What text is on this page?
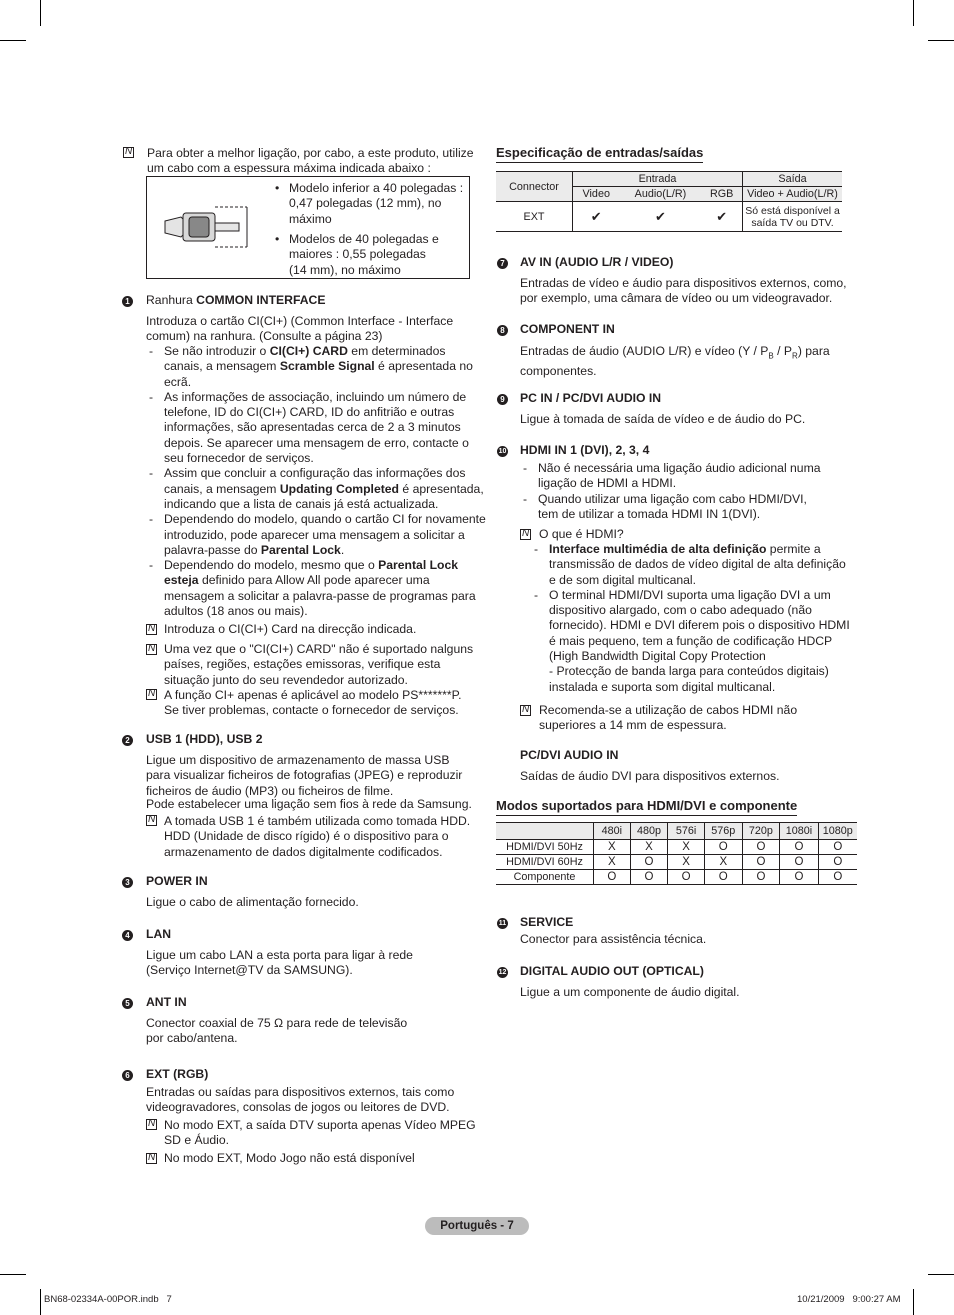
N
Para obter a melhor ligação, por cabo, a este produto, utilize um cabo com a espessura máxima indicada abaixo :
• Modelo inferior a 40 polegadas : 0,47 polegadas (12 mm), no máximo
• Modelos de 40 polegadas e maiores : 0,55 polegadas (14 mm), no máximo
1 Ranhura COMMON INTERFACE
Introduza o cartão CI(CI+) (Common Interface - Interface comum) na ranhura. (Consulte a página 23)
- Se não introduzir o CI(CI+) CARD em determinados canais, a mensagem Scramble Signal é apresentada no ecrã.
- As informações de associação, incluindo um número de telefone, ID do CI(CI+) CARD, ID do anfitrião e outras informações, são apresentadas cerca de 2 a 3 minutos depois. Se aparecer uma mensagem de erro, contacte o seu fornecedor de serviços.
- Assim que concluir a configuração das informações dos canais, a mensagem Updating Completed é apresentada, indicando que a lista de canais já está actualizada.
- Dependendo do modelo, quando o cartão CI for novamente introduzido, pode aparecer uma mensagem a solicitar a palavra-passe do Parental Lock.
- Dependendo do modelo, mesmo que o Parental Lock esteja definido para Allow All pode aparecer uma mensagem a solicitar a palavra-passe de programas para adultos (18 anos ou mais).
N
Introduza o CI(CI+) Card na direcção indicada.
N
Uma vez que o "CI(CI+) CARD" não é suportado nalguns países, regiões, estações emissoras, verifique esta situação junto do seu revendedor autorizado.
N
A função CI+ apenas é aplicável ao modelo PS*******P. Se tiver problemas, contacte o fornecedor de serviços.
2 USB 1 (HDD), USB 2
Ligue um dispositivo de armazenamento de massa USB para visualizar ficheiros de fotografias (JPEG) e reproduzir ficheiros de áudio (MP3) ou ficheiros de filme.
Pode estabelecer uma ligação sem fios à rede da Samsung.
N
A tomada USB 1 é também utilizada como tomada HDD. HDD (Unidade de disco rígido) é o dispositivo para o armazenamento de dados digitalmente codificados.
3 POWER IN
Ligue o cabo de alimentação fornecido.
4 LAN
Ligue um cabo LAN a esta porta para ligar à rede (Serviço Internet@TV da SAMSUNG).
5 ANT IN
Conector coaxial de 75 Ω para rede de televisão por cabo/antena.
6 EXT (RGB)
Entradas ou saídas para dispositivos externos, tais como videogravadores, consolas de jogos ou leitores de DVD.
N
No modo EXT, a saída DTV suporta apenas Vídeo MPEG SD e Áudio.
N
No modo EXT, Modo Jogo não está disponível
Especificação de entradas/saídas
Connector	Entrada			Saída
	Video	Audio(L/R)	RGB	Video + Audio(L/R)
EXT	✔	✔	✔	Só está disponível a saída TV ou DTV.
7 AV IN (AUDIO L/R / VIDEO)
Entradas de vídeo e áudio para dispositivos externos, como, por exemplo, uma câmara de vídeo ou um videogravador.
8 COMPONENT IN
Entradas de áudio (AUDIO L/R) e vídeo $(Y / P_B / P_R)$ para componentes.
9 PC IN / PC/DVI AUDIO IN
Ligue à tomada de saída de vídeo e de áudio do PC.
10 HDMI IN 1 (DVI), 2, 3, 4
- Não é necessária uma ligação áudio adicional numa ligação de HDMI a HDMI.
- Quando utilizar uma ligação com cabo HDMI/DVI, tem de utilizar a tomada HDMI IN 1(DVI).
N
O que é HDMI?
- Interface multimédia de alta definição permite a transmissão de dados de vídeo digital de alta definição e de som digital multicanal.
- O terminal HDMI/DVI suporta uma ligação DVI a um dispositivo alargado, com o cabo adequado (não fornecido). HDMI e DVI diferem pois o dispositivo HDMI é mais pequeno, tem a função de codificação HDCP (High Bandwidth Digital Copy Protection
- Protecção de banda larga para conteúdos digitais) instalada e suporta som digital multicanal.
N
Recomenda-se a utilização de cabos HDMI não superiores a 14 mm de espessura.
PC/DVI AUDIO IN
Saídas de áudio DVI para dispositivos externos.
Modos suportados para HDMI/DVI e componente
	480i	480p	576i	576p	720p	1080i	1080p
HDMI/DVI 50Hz	X	X	X	O	O	O	O
HDMI/DVI 60Hz	X	O	X	X	O	O	O
Componente	O	O	O	O	O	O	O
11 SERVICE
Conector para assistência técnica.
12 DIGITAL AUDIO OUT (OPTICAL)
Ligue a um componente de áudio digital.
Português - 7
BN68-02334A-00POR.indb   7	10/21/2009   9:00:27 AM
